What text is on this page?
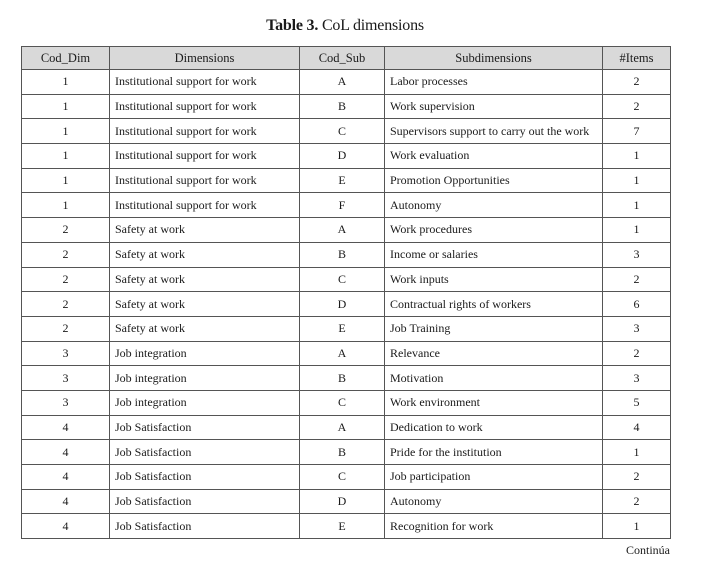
Table 3. CoL dimensions
Cod_Dim	Dimensions	Cod_Sub	Subdimensions	#Items
1	Institutional support for work	A	Labor processes	2
1	Institutional support for work	B	Work supervision	2
1	Institutional support for work	C	Supervisors support to carry out the work	7
1	Institutional support for work	D	Work evaluation	1
1	Institutional support for work	E	Promotion Opportunities	1
1	Institutional support for work	F	Autonomy	1
2	Safety at work	A	Work procedures	1
2	Safety at work	B	Income or salaries	3
2	Safety at work	C	Work inputs	2
2	Safety at work	D	Contractual rights of workers	6
2	Safety at work	E	Job Training	3
3	Job integration	A	Relevance	2
3	Job integration	B	Motivation	3
3	Job integration	C	Work environment	5
4	Job Satisfaction	A	Dedication to work	4
4	Job Satisfaction	B	Pride for the institution	1
4	Job Satisfaction	C	Job participation	2
4	Job Satisfaction	D	Autonomy	2
4	Job Satisfaction	E	Recognition for work	1
Continúa
